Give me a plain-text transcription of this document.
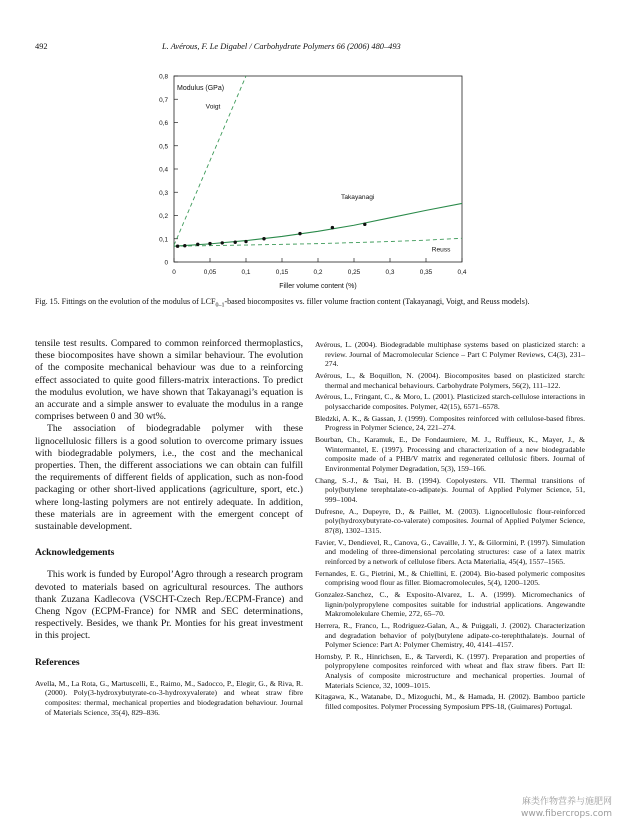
492	L. Avérous, F. Le Digabel / Carbohydrate Polymers 66 (2006) 480–493
0
0,1
0,2
0,3
0,4
0,5
0,6
0,7
0,8
0	0,05	0,1	0,15	0,2	0,25	0,3	0,35	0,4
Modulus (GPa)
Filler volume content (%)
Voigt
Takayanagi
Reuss
Fig. 15. Fittings on the evolution of the modulus of $LCF_{0-1}$-based biocomposites vs. filler volume fraction content (Takayanagi, Voigt, and Reuss models).

tensile test results. Compared to common reinforced thermoplastics, these biocomposites have shown a similar behaviour. The evolution of the composite mechanical behaviour was due to a reinforcing effect associated to quite good fillers-matrix interactions. To predict the modulus evolution, we have shown that Takayanagi’s equation is an accurate and a simple answer to evaluate the modulus in a range comprises between 0 and 30 wt%.

The association of biodegradable polymer with these lignocellulosic fillers is a good solution to overcome primary issues with biodegradable polymers, i.e., the cost and the mechanical properties. Then, the different associations we can obtain can fulfill the requirements of different fields of application, such as non-food packaging or other short-lived applications (agriculture, sport, etc.) where long-lasting polymers are not entirely adequate. In addition, these materials are in agreement with the emergent concept of sustainable development.

Acknowledgements

This work is funded by Europol’Agro through a research program devoted to materials based on agricultural resources. The authors thank Zuzana Kadlecova (VSCHT-Czech Rep./ECPM-France) and Cheng Ngov (ECPM-France) for NMR and SEC determinations, respectively. Besides, we thank Pr. Monties for his great investment in this project.

References

Avella, M., La Rota, G., Martuscelli, E., Raimo, M., Sadocco, P., Elegir, G., & Riva, R. (2000). Poly(3-hydroxybutyrate-co-3-hydroxyvalerate) and wheat straw fibre composites: thermal, mechanical properties and biodegradation behaviour. Journal of Materials Science, 35(4), 829–836.

Avérous, L. (2004). Biodegradable multiphase systems based on plasticized starch: a review. Journal of Macromolecular Science – Part C Polymer Reviews, C4(3), 231–274.

Avérous, L., & Boquillon, N. (2004). Biocomposites based on plasticized starch: thermal and mechanical behaviours. Carbohydrate Polymers, 56(2), 111–122.

Avérous, L., Fringant, C., & Moro, L. (2001). Plasticized starch-cellulose interactions in polysaccharide composites. Polymer, 42(15), 6571–6578.

Bledzki, A. K., & Gassan, J. (1999). Composites reinforced with cellulose-based fibres. Progress in Polymer Science, 24, 221–274.

Bourban, Ch., Karamuk, E., De Fondaumiere, M. J., Ruffieux, K., Mayer, J., & Wintermantel, E. (1997). Processing and characterization of a new biodegradable composite made of a PHB/V matrix and regenerated cellulosic fibers. Journal of Environmental Polymer Degradation, 5(3), 159–166.

Chang, S.-J., & Tsai, H. B. (1994). Copolyesters. VII. Thermal transitions of poly(butylene terephtalate-co-adipate)s. Journal of Applied Polymer Science, 51, 999–1004.

Dufresne, A., Dupeyre, D., & Paillet, M. (2003). Lignocellulosic flour-reinforced poly(hydroxybutyrate-co-valerate) composites. Journal of Applied Polymer Science, 87(8), 1302–1315.

Favier, V., Dendievel, R., Canova, G., Cavaille, J. Y., & Gilormini, P. (1997). Simulation and modeling of three-dimensional percolating structures: case of a latex matrix reinforced by a network of cellulose fibers. Acta Materialia, 45(4), 1557–1565.

Fernandes, E. G., Pietrini, M., & Chiellini, E. (2004). Bio-based polymeric composites comprising wood flour as filler. Biomacromolecules, 5(4), 1200–1205.

Gonzalez-Sanchez, C., & Exposito-Alvarez, L. A. (1999). Micromechanics of lignin/polypropylene composites suitable for industrial applications. Angewandte Makromolekulare Chemie, 272, 65–70.

Herrera, R., Franco, L., Rodriguez-Galan, A., & Puiggali, J. (2002). Characterization and degradation behavior of poly(butylene adipate-co-terephthalate)s. Journal of Polymer Science: Part A: Polymer Chemistry, 40, 4141–4157.

Hornsby, P. R., Hinrichsen, E., & Tarverdi, K. (1997). Preparation and properties of polypropylene composites reinforced with wheat and flax straw fibers. Part II: Analysis of composite microstructure and mechanical properties. Journal of Materials Science, 32, 1009–1015.

Kitagawa, K., Watanabe, D., Mizoguchi, M., & Hamada, H. (2002). Bamboo particle filled composites. Polymer Processing Symposium PPS-18, (Guimares) Portugal.

麻类作物营养与施肥网
www.fibercrops.com
